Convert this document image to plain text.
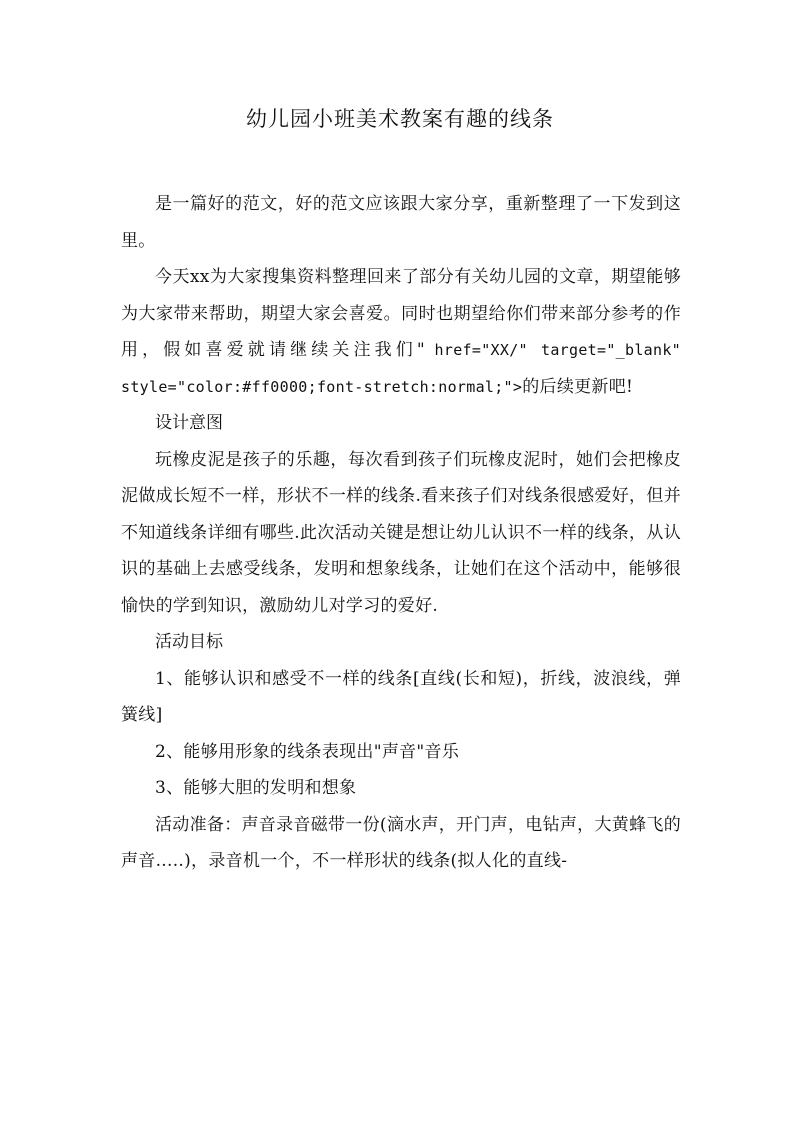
幼儿园小班美术教案有趣的线条

是一篇好的范文，好的范文应该跟大家分享，重新整理了一下发到这里。

今天xx为大家搜集资料整理回来了部分有关幼儿园的文章，期望能够为大家带来帮助，期望大家会喜爱。同时也期望给你们带来部分参考的作用，假如喜爱就请继续关注我们" href="XX/" target="_blank" style="color:#ff0000;font-stretch:normal;">的后续更新吧!

设计意图

玩橡皮泥是孩子的乐趣，每次看到孩子们玩橡皮泥时，她们会把橡皮泥做成长短不一样，形状不一样的线条.看来孩子们对线条很感爱好，但并不知道线条详细有哪些.此次活动关键是想让幼儿认识不一样的线条，从认识的基础上去感受线条，发明和想象线条，让她们在这个活动中，能够很愉快的学到知识，激励幼儿对学习的爱好.

活动目标

1、能够认识和感受不一样的线条[直线(长和短)，折线，波浪线，弹簧线]

2、能够用形象的线条表现出"声音"音乐

3、能够大胆的发明和想象

活动准备：声音录音磁带一份(滴水声，开门声，电钻声，大黄蜂飞的声音.....)，录音机一个，不一样形状的线条(拟人化的直线-
